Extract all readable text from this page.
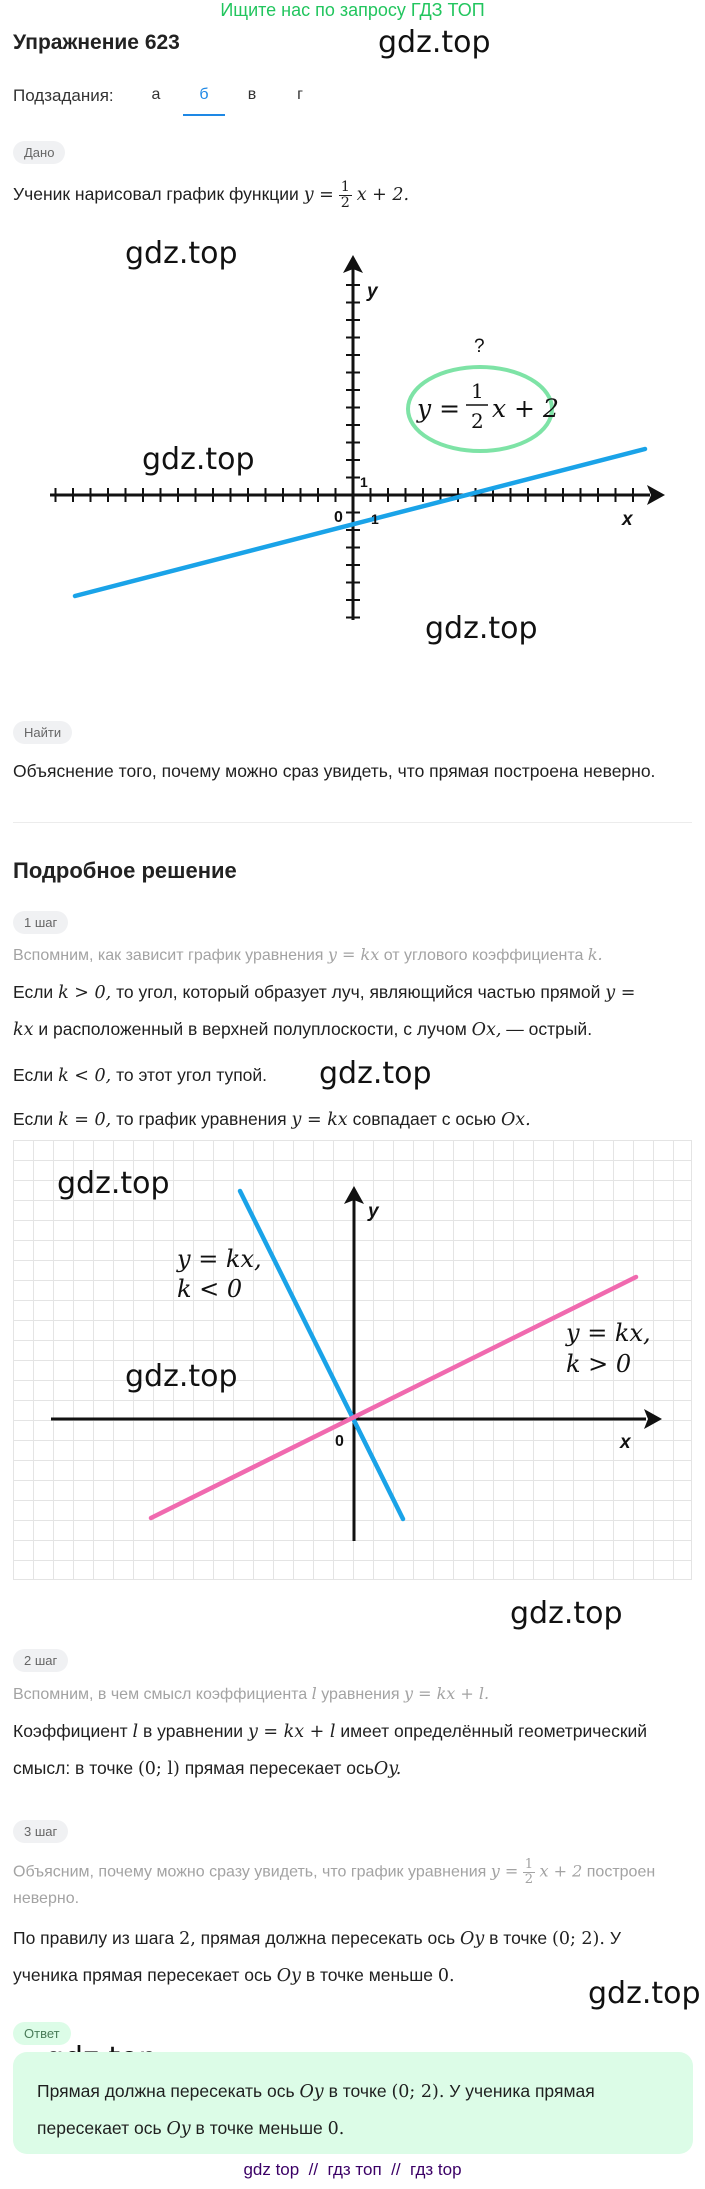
Ищите нас по запросу ГДЗ ТОП
Упражнение 623	gdz.top
Подзадания:	а	б	в	г
Дано
Ученик нарисовал график функции $y = \frac{1}{2}$ x + 2.
y
x
0 1
1
?
y =
1
2 x + 2
gdz.top
gdz.top
gdz.top
Найти
Объяснение того, почему можно сраз увидеть, что прямая построена неверно.
Подробное решение
1 шаг
Вспомним, как зависит график уравнения y = kx от углового коэффициента k.
Если k > 0, то угол, который образует луч, являющийся частью прямой y =
kx и расположенный в верхней полуплоскости, с лучом Ox, — острый.
Если k < 0, то этот угол тупой. gdz.top
Если k = 0, то график уравнения y = kx совпадает с осью Ox.
y
x
0
y = kx,
k < 0
y = kx,
k > 0
gdz.top
gdz.top
gdz.top
2 шаг
Вспомним, в чем смысл коэффициента l уравнения y = kx + l.
Коэффициент l в уравнении y = kx + l имеет определённый геометрический
смысл: в точке (0; l) прямая пересекает осьOy.
3 шаг
Объясним, почему можно сразу увидеть, что график уравнения $y = \frac{1}{2}$ x + 2 построен
неверно.
По правилу из шага 2, прямая должна пересекать ось Oy в точке (0; 2). У
ученика прямая пересекает ось Oy в точке меньше 0.	gdz.top
Ответ
Прямая должна пересекать ось Oy в точке (0; 2). У ученика прямая
пересекает ось Oy в точке меньше 0.
gdz top  //  гдз топ  //  гдз top
